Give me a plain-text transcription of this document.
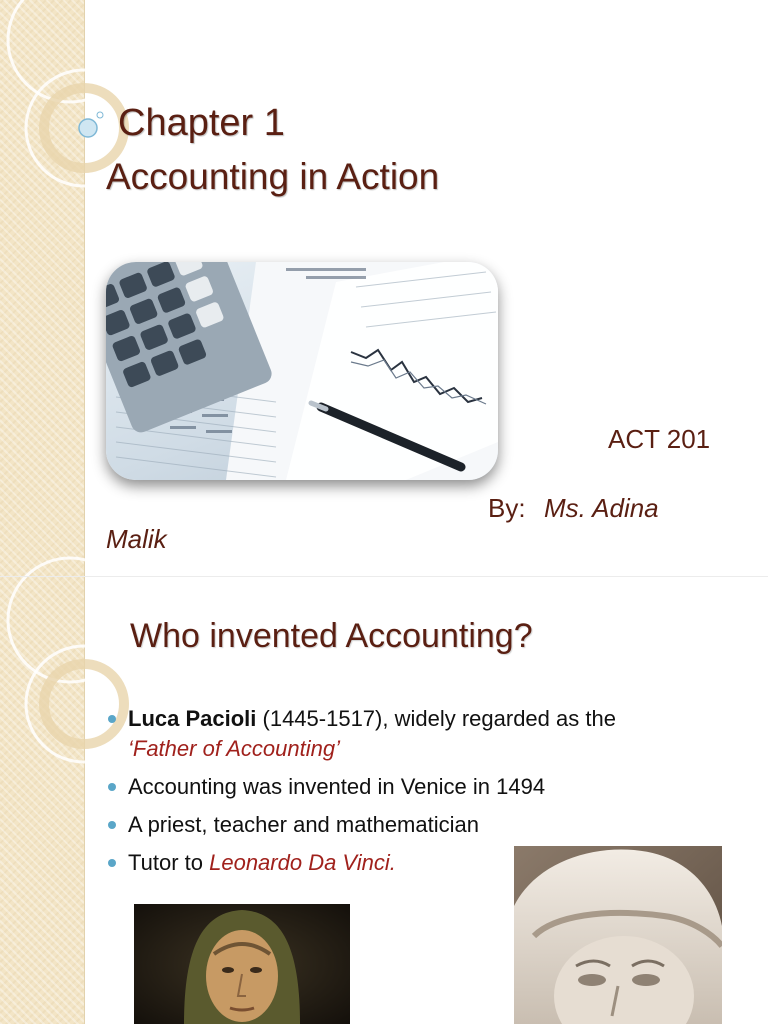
Chapter 1
Accounting in Action
ACT 201
By: Ms. Adina
Malik
Who invented Accounting?
Luca Pacioli (1445-1517), widely regarded as the
‘Father of Accounting’
Accounting was invented in Venice in 1494
A priest, teacher and mathematician
Tutor to Leonardo Da Vinci.
